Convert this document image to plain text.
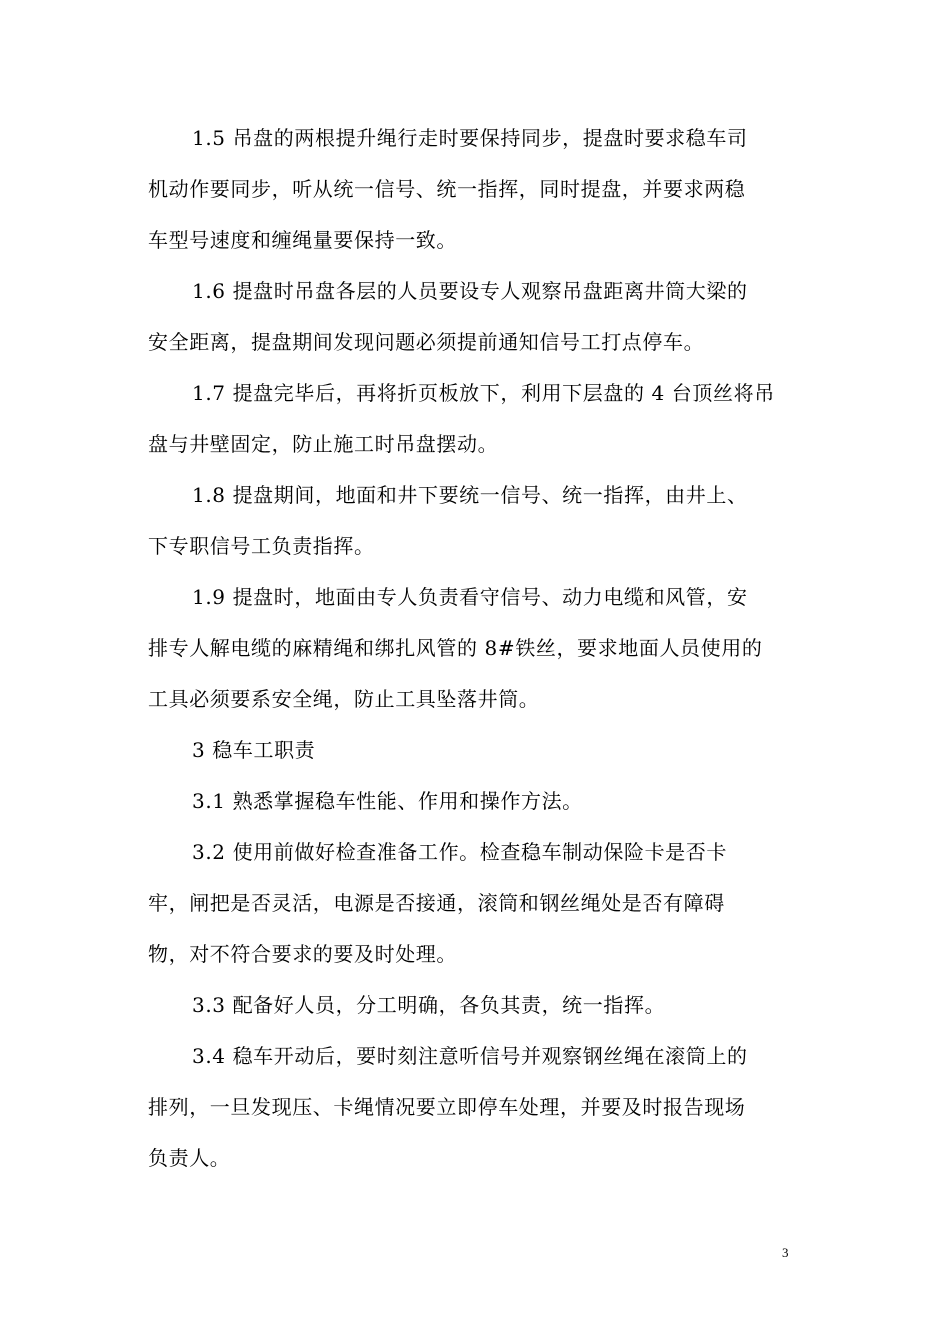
1.5 吊盘的两根提升绳行走时要保持同步，提盘时要求稳车司
机动作要同步，听从统一信号、统一指挥，同时提盘，并要求两稳
车型号速度和缠绳量要保持一致。
1.6 提盘时吊盘各层的人员要设专人观察吊盘距离井筒大梁的
安全距离，提盘期间发现问题必须提前通知信号工打点停车。
1.7 提盘完毕后，再将折页板放下，利用下层盘的 4 台顶丝将吊
盘与井壁固定，防止施工时吊盘摆动。
1.8 提盘期间，地面和井下要统一信号、统一指挥，由井上、
下专职信号工负责指挥。
1.9 提盘时，地面由专人负责看守信号、动力电缆和风管，安
排专人解电缆的麻精绳和绑扎风管的 8#铁丝，要求地面人员使用的
工具必须要系安全绳，防止工具坠落井筒。
3 稳车工职责
3.1 熟悉掌握稳车性能、作用和操作方法。
3.2 使用前做好检查准备工作。检查稳车制动保险卡是否卡
牢，闸把是否灵活，电源是否接通，滚筒和钢丝绳处是否有障碍
物，对不符合要求的要及时处理。
3.3 配备好人员，分工明确，各负其责，统一指挥。
3.4 稳车开动后，要时刻注意听信号并观察钢丝绳在滚筒上的
排列，一旦发现压、卡绳情况要立即停车处理，并要及时报告现场
负责人。
3
